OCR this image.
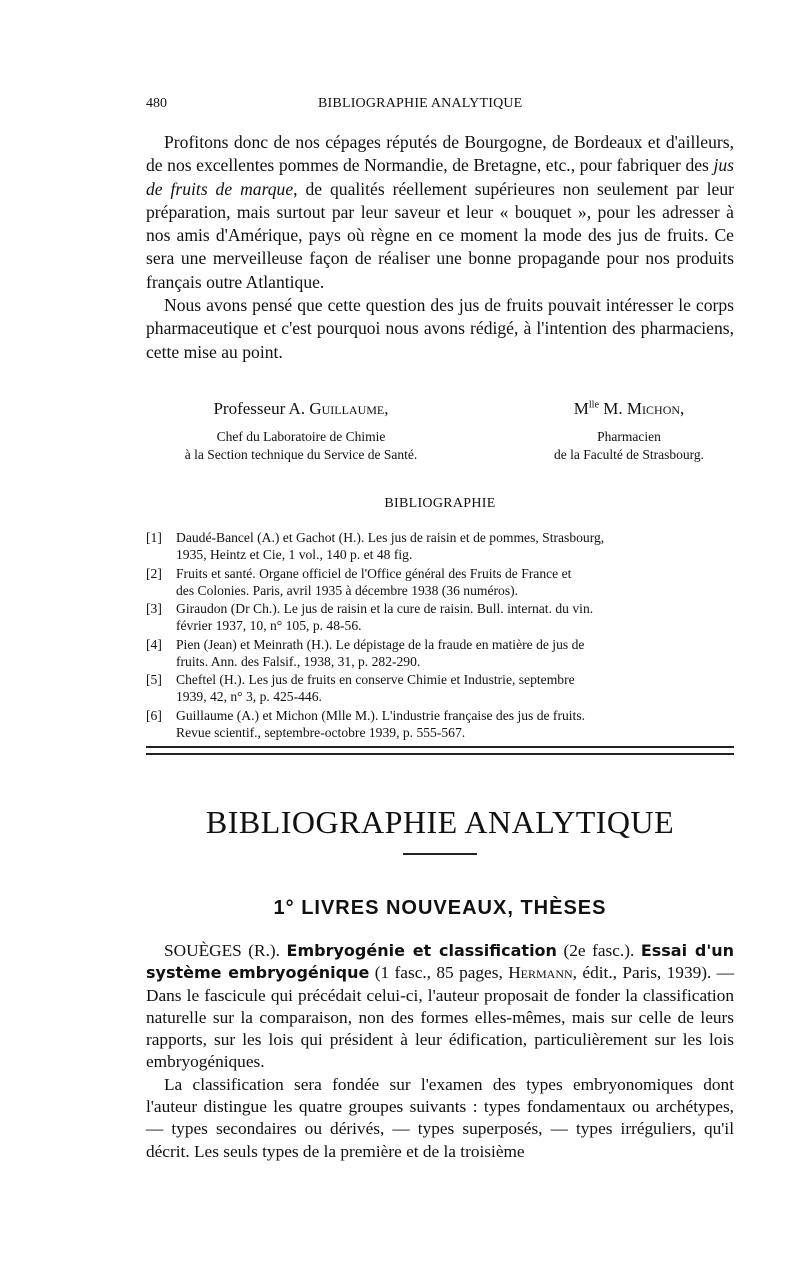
480	BIBLIOGRAPHIE ANALYTIQUE

Profitons donc de nos cépages réputés de Bourgogne, de Bordeaux et d'ailleurs, de nos excellentes pommes de Normandie, de Bretagne, etc., pour fabriquer des jus de fruits de marque, de qualités réellement supérieures non seulement par leur préparation, mais surtout par leur saveur et leur « bouquet », pour les adresser à nos amis d'Amérique, pays où règne en ce moment la mode des jus de fruits. Ce sera une merveilleuse façon de réaliser une bonne propagande pour nos produits français outre Atlantique.

Nous avons pensé que cette question des jus de fruits pouvait intéresser le corps pharmaceutique et c'est pourquoi nous avons rédigé, à l'intention des pharmaciens, cette mise au point.

Professeur A. Guillaume,
Chef du Laboratoire de Chimie
à la Section technique du Service de Santé.
$M^{lle}$ M. Michon,
Pharmacien
de la Faculté de Strasbourg.
BIBLIOGRAPHIE
[1] Daudé-Bancel (A.) et Gachot (H.). Les jus de raisin et de pommes, Strasbourg,
1935, Heintz et Cie, 1 vol., 140 p. et 48 fig.
[2] Fruits et santé. Organe officiel de l'Office général des Fruits de France et
des Colonies. Paris, avril 1935 à décembre 1938 (36 numéros).
[3] Giraudon (Dr Ch.). Le jus de raisin et la cure de raisin. Bull. internat. du vin.
février 1937, 10, n° 105, p. 48-56.
[4] Pien (Jean) et Meinrath (H.). Le dépistage de la fraude en matière de jus de
fruits. Ann. des Falsif., 1938, 31, p. 282-290.
[5] Cheftel (H.). Les jus de fruits en conserve Chimie et Industrie, septembre
1939, 42, n° 3, p. 425-446.
[6] Guillaume (A.) et Michon (Mlle M.). L'industrie française des jus de fruits.
Revue scientif., septembre-octobre 1939, p. 555-567.
BIBLIOGRAPHIE ANALYTIQUE
1° LIVRES NOUVEAUX, THÈSES

SOUÈGES (R.). Embryogénie et classification (2e fasc.). Essai d'un système embryogénique (1 fasc., 85 pages, Hermann, édit., Paris, 1939). — Dans le fascicule qui précédait celui-ci, l'auteur proposait de fonder la classification naturelle sur la comparaison, non des formes elles-mêmes, mais sur celle de leurs rapports, sur les lois qui président à leur édification, particulièrement sur les lois embryogéniques.

La classification sera fondée sur l'examen des types embryonomiques dont l'auteur distingue les quatre groupes suivants : types fondamentaux ou archétypes, — types secondaires ou dérivés, — types superposés, — types irréguliers, qu'il décrit. Les seuls types de la première et de la troisième
